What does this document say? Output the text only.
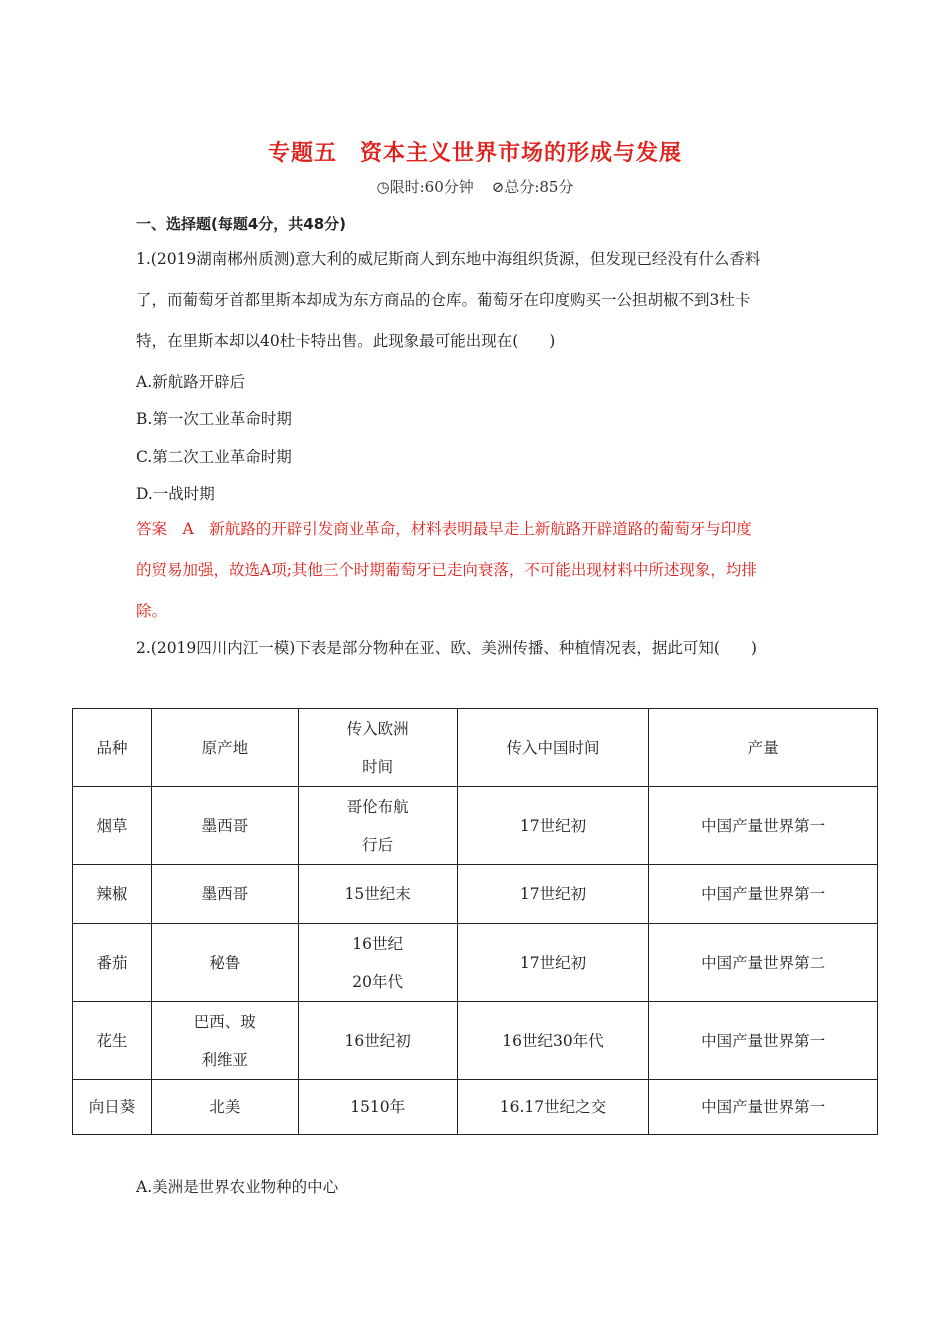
专题五　资本主义世界市场的形成与发展
◷限时:60分钟 ⊘总分:85分
一、选择题(每题4分，共48分)
1.(2019湖南郴州质测)意大利的威尼斯商人到东地中海组织货源，但发现已经没有什么香料
了，而葡萄牙首都里斯本却成为东方商品的仓库。葡萄牙在印度购买一公担胡椒不到3杜卡
特，在里斯本却以40杜卡特出售。此现象最可能出现在(　　)
A.新航路开辟后
B.第一次工业革命时期
C.第二次工业革命时期
D.一战时期
答案　A　新航路的开辟引发商业革命，材料表明最早走上新航路开辟道路的葡萄牙与印度
的贸易加强，故选A项;其他三个时期葡萄牙已走向衰落，不可能出现材料中所述现象，均排
除。
2.(2019四川内江一模)下表是部分物种在亚、欧、美洲传播、种植情况表，据此可知(　　)
品种	原产地	传入欧洲时间	传入中国时间	产量
烟草	墨西哥	哥伦布航行后	17世纪初	中国产量世界第一
辣椒	墨西哥	15世纪末	17世纪初	中国产量世界第一
番茄	秘鲁	16世纪20年代	17世纪初	中国产量世界第二
花生	巴西、玻利维亚	16世纪初	16世纪30年代	中国产量世界第一
向日葵	北美	1510年	16.17世纪之交	中国产量世界第一
A.美洲是世界农业物种的中心
